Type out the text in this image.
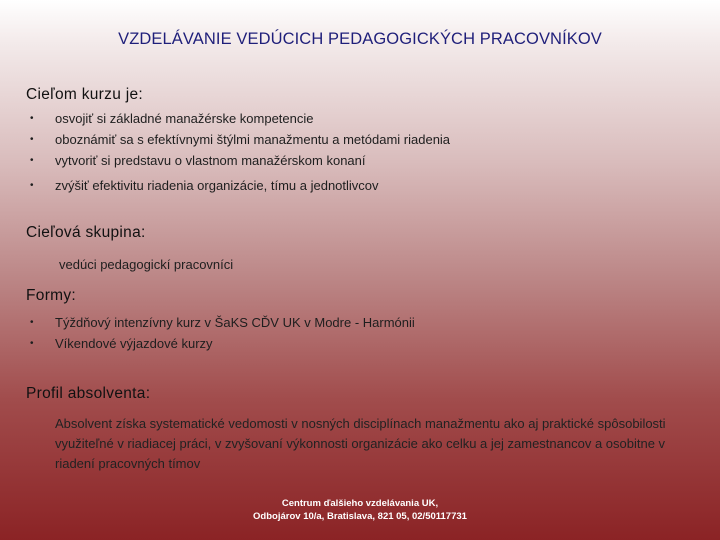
VZDELÁVANIE VEDÚCICH PEDAGOGICKÝCH PRACOVNÍKOV
Cieľom kurzu je:
• osvojiť si základné manažérske kompetencie
• oboznámiť sa s efektívnymi štýlmi manažmentu a metódami riadenia
• vytvoriť si predstavu o vlastnom manažérskom konaní
• zvýšiť efektivitu riadenia organizácie, tímu a jednotlivcov
Cieľová skupina:
vedúci pedagogickí pracovníci
Formy:
• Týždňový intenzívny kurz v ŠaKS CĎV UK v Modre - Harmónii
• Víkendové výjazdové kurzy
Profil absolventa:
Absolvent získa systematické vedomosti v nosných disciplínach manažmentu ako aj praktické spôsobilosti využiteľné v riadiacej práci, v zvyšovaní výkonnosti organizácie ako celku a jej zamestnancov a osobitne v riadení pracovných tímov
Centrum ďalšieho vzdelávania UK,
Odbojárov 10/a, Bratislava, 821 05, 02/50117731
